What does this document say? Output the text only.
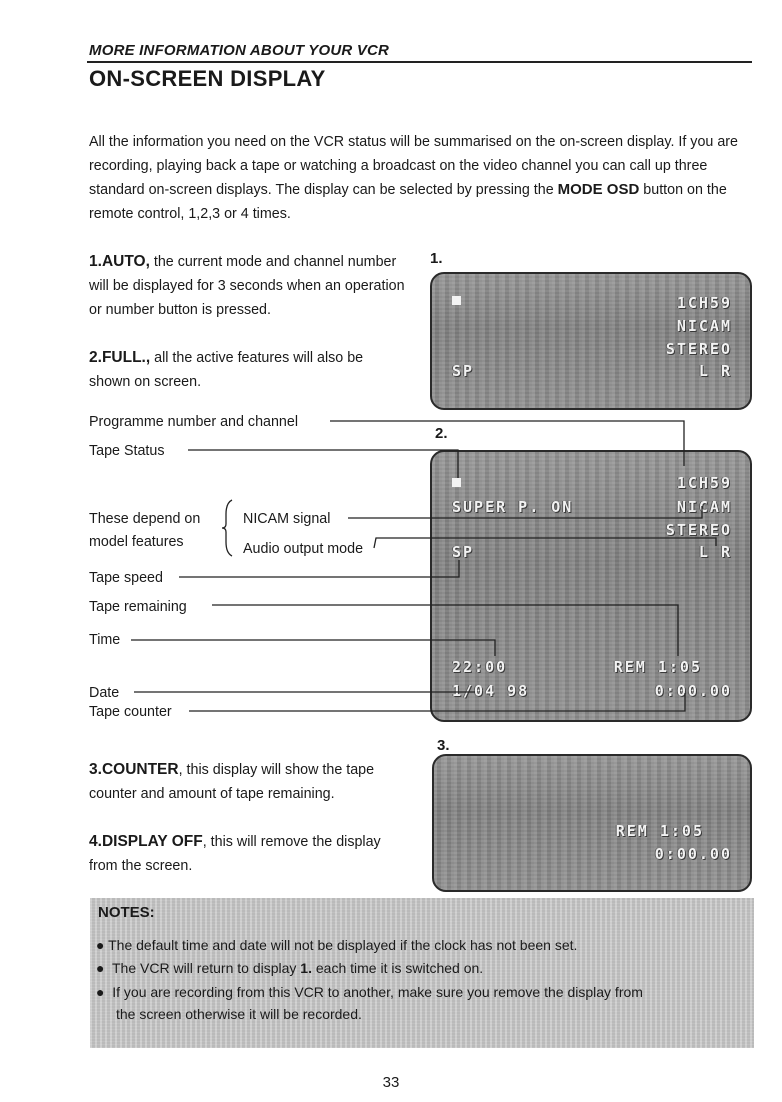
MORE INFORMATION ABOUT YOUR VCR
ON-SCREEN DISPLAY
All the information you need on the VCR status will be summarised on the on-screen display. If you are recording, playing back a tape or watching a broadcast on the video channel you can call up three standard on-screen displays. The display can be selected by pressing the MODE OSD button on the remote control, 1,2,3 or 4 times.
1.AUTO, the current mode and channel number will be displayed for 3 seconds when an operation or number button is pressed.
2.FULL., all the active features will also be shown on screen.
3.COUNTER, this display will show the tape counter and amount of tape remaining.
4.DISPLAY OFF, this will remove the display from the screen.
1.
1CH59
NICAM
STEREO
SP	L R
2.
1CH59
SUPER P. ON	NICAM
STEREO
SP	L R
22:00	REM 1:05
1/04 98	0:00.00
3.
REM 1:05
0:00.00
Programme number and channel
Tape Status
These depend on
model features
NICAM signal
Audio output mode
Tape speed
Tape remaining
Time
Date
Tape counter
NOTES:
● The default time and date will not be displayed if the clock has not been set.
● The VCR will return to display 1. each time it is switched on.
● If you are recording from this VCR to another, make sure you remove the display from
the screen otherwise it will be recorded.
33
